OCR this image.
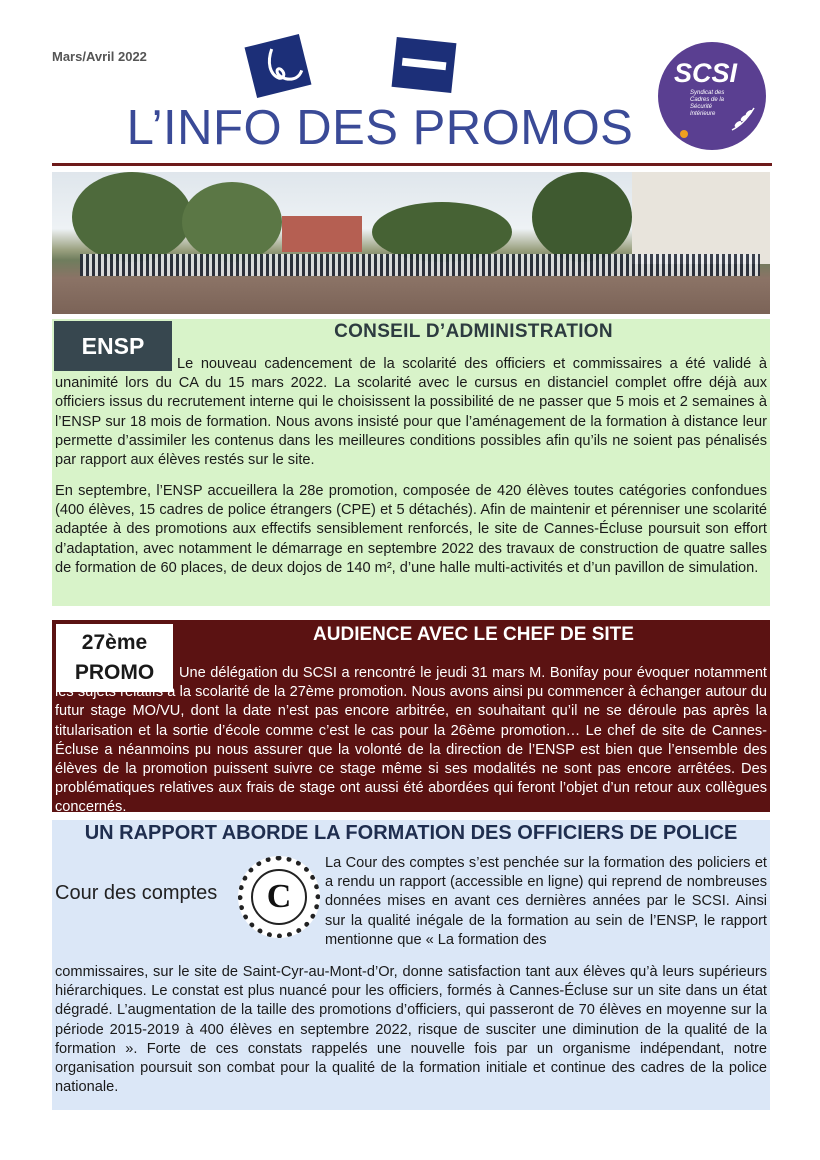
Mars/Avril 2022
L’INFO DES PROMOS
SCSI
Syndicat des
Cadres de la
Sécurité
Intérieure
ENSP
CONSEIL D’ADMINISTRATION

Le nouveau cadencement de la scolarité des officiers et commissaires a été validé à unanimité lors du CA du 15 mars 2022. La scolarité avec le cursus en distanciel complet offre déjà aux officiers issus du recrutement interne qui le choisissent la possibilité de ne passer que 5 mois et 2 semaines à l’ENSP sur 18 mois de formation. Nous avons insisté pour que l’aménagement de la formation à distance leur permette d’assimiler les contenus dans les meilleures conditions possibles afin qu’ils ne soient pas pénalisés par rapport aux élèves restés sur le site.

En septembre, l’ENSP accueillera la 28e promotion, composée de 420 élèves toutes catégories confondues (400 élèves, 15 cadres de police étrangers (CPE) et 5 détachés). Afin de maintenir et pérenniser une scolarité adaptée à des promotions aux effectifs sensiblement renforcés, le site de Cannes-Écluse poursuit son effort d’adaptation, avec notamment le démarrage en septembre 2022 des travaux de construction de quatre salles de formation de 60 places, de deux dojos de 140 m², d’une halle multi-activités et d’un pavillon de simulation.

27ème
PROMO
AUDIENCE AVEC LE CHEF DE SITE

Une délégation du SCSI a rencontré le jeudi 31 mars M. Bonifay pour évoquer notamment les sujets relatifs à la scolarité de la 27ème promotion. Nous avons ainsi pu commencer à échanger autour du futur stage MO/VU, dont la date n’est pas encore arbitrée, en souhaitant qu’il ne se déroule pas après la titularisation et la sortie d’école comme c’est le cas pour la 26ème promotion… Le chef de site de Cannes-Écluse a néanmoins pu nous assurer que la volonté de la direction de l’ENSP est bien que l’ensemble des élèves de la promotion puissent suivre ce stage même si ses modalités ne sont pas encore arrêtées. Des problématiques relatives aux frais de stage ont aussi été abordées qui feront l’objet d’un retour aux collègues concernés.

UN RAPPORT ABORDE LA FORMATION DES OFFICIERS DE POLICE
Cour des comptes	C

La Cour des comptes s’est penchée sur la formation des policiers et a rendu un rapport (accessible en ligne) qui reprend de nombreuses données mises en avant ces dernières années par le SCSI. Ainsi sur la qualité inégale de la formation au sein de l’ENSP, le rapport mentionne que « La formation des

commissaires, sur le site de Saint-Cyr-au-Mont-d’Or, donne satisfaction tant aux élèves qu’à leurs supérieurs hiérarchiques. Le constat est plus nuancé pour les officiers, formés à Cannes-Écluse sur un site dans un état dégradé. L’augmentation de la taille des promotions d’officiers, qui passeront de 70 élèves en moyenne sur la période 2015-2019 à 400 élèves en septembre 2022, risque de susciter une diminution de la qualité de la formation ». Forte de ces constats rappelés une nouvelle fois par un organisme indépendant, notre organisation poursuit son combat pour la qualité de la formation initiale et continue des cadres de la police nationale.
